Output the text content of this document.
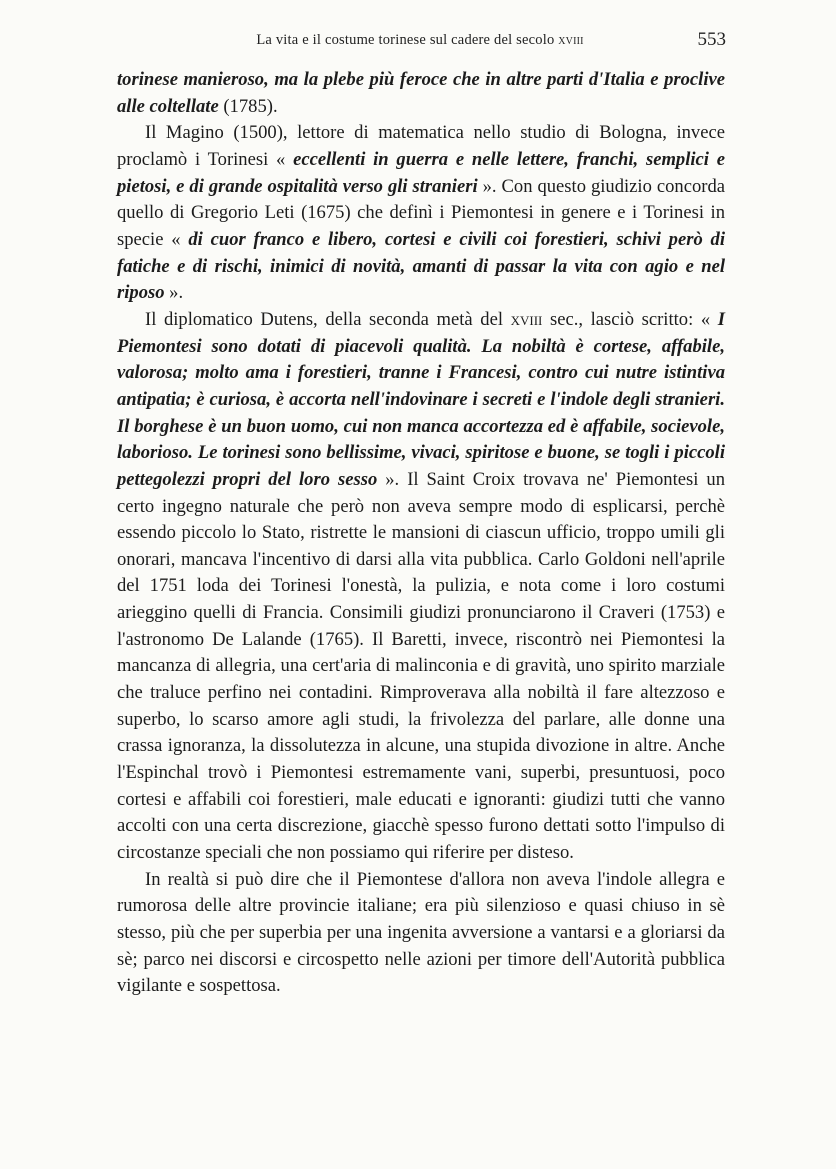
La vita e il costume torinese sul cadere del secolo xviii	553

torinese manieroso, ma la plebe più feroce che in altre parti d'Italia e proclive alle coltellate (1785).

Il Magino (1500), lettore di matematica nello studio di Bologna, invece proclamò i Torinesi « eccellenti in guerra e nelle lettere, franchi, semplici e pietosi, e di grande ospitalità verso gli stranieri ». Con questo giudizio concorda quello di Gregorio Leti (1675) che definì i Piemontesi in genere e i Torinesi in specie « di cuor franco e libero, cortesi e civili coi forestieri, schivi però di fatiche e di rischi, inimici di novità, amanti di passar la vita con agio e nel riposo ».

Il diplomatico Dutens, della seconda metà del xviii sec., lasciò scritto: « I Piemontesi sono dotati di piacevoli qualità. La nobiltà è cortese, affabile, valorosa; molto ama i forestieri, tranne i Francesi, contro cui nutre istintiva antipatia; è curiosa, è accorta nell'indovinare i secreti e l'indole degli stranieri. Il borghese è un buon uomo, cui non manca accortezza ed è affabile, socievole, laborioso. Le torinesi sono bellissime, vivaci, spiritose e buone, se togli i piccoli pettegolezzi propri del loro sesso ». Il Saint Croix trovava ne' Piemontesi un certo ingegno naturale che però non aveva sempre modo di esplicarsi, perchè essendo piccolo lo Stato, ristrette le mansioni di ciascun ufficio, troppo umili gli onorari, mancava l'incentivo di darsi alla vita pubblica. Carlo Goldoni nell'aprile del 1751 loda dei Torinesi l'onestà, la pulizia, e nota come i loro costumi arieggino quelli di Francia. Consimili giudizi pronunciarono il Craveri (1753) e l'astronomo De Lalande (1765). Il Baretti, invece, riscontrò nei Piemontesi la mancanza di allegria, una cert'aria di malinconia e di gravità, uno spirito marziale che traluce perfino nei contadini. Rimproverava alla nobiltà il fare altezzoso e superbo, lo scarso amore agli studi, la frivolezza del parlare, alle donne una crassa ignoranza, la dissolutezza in alcune, una stupida divozione in altre. Anche l'Espinchal trovò i Piemontesi estremamente vani, superbi, presuntuosi, poco cortesi e affabili coi forestieri, male educati e ignoranti: giudizi tutti che vanno accolti con una certa discrezione, giacchè spesso furono dettati sotto l'impulso di circostanze speciali che non possiamo qui riferire per disteso.

In realtà si può dire che il Piemontese d'allora non aveva l'indole allegra e rumorosa delle altre provincie italiane; era più silenzioso e quasi chiuso in sè stesso, più che per superbia per una ingenita avversione a vantarsi e a gloriarsi da sè; parco nei discorsi e circospetto nelle azioni per timore dell'Autorità pubblica vigilante e sospettosa.
